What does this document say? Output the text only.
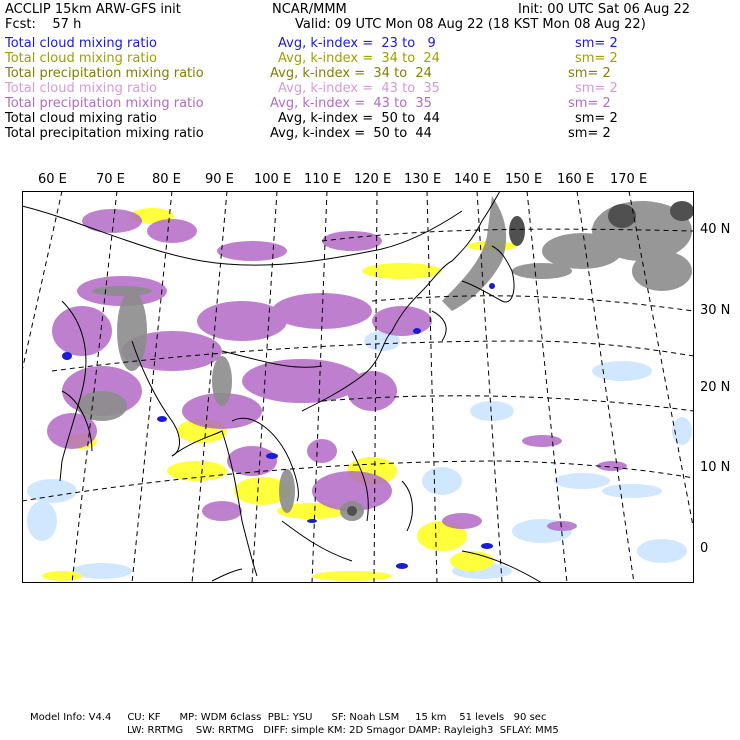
ACCLIP 15km ARW-GFS init	NCAR/MMM	Init: 00 UTC Sat 06 Aug 22
Fcst:    57 h	Valid: 09 UTC Mon 08 Aug 22 (18 KST Mon 08 Aug 22)
Total cloud mixing ratio	Avg, k-index =  23 to   9	sm= 2
Total cloud mixing ratio	Avg, k-index =  34 to  24	sm= 2
Total precipitation mixing ratio	Avg, k-index =  34 to  24	sm= 2
Total cloud mixing ratio	Avg, k-index =  43 to  35	sm= 2
Total precipitation mixing ratio	Avg, k-index =  43 to  35	sm= 2
Total cloud mixing ratio	Avg, k-index =  50 to  44	sm= 2
Total precipitation mixing ratio	Avg, k-index =  50 to  44	sm= 2
60 E 70 E 80 E 90 E 100 E 110 E 120 E 130 E 140 E 150 E 160 E 170 E
40 N
30 N
20 N
10 N
0
Model Info: V4.4     CU: KF      MP: WDM 6class  PBL: YSU      SF: Noah LSM     15 km    51 levels   90 sec
LW: RRTMG    SW: RRTMG   DIFF: simple KM: 2D Smagor DAMP: Rayleigh3  SFLAY: MM5
